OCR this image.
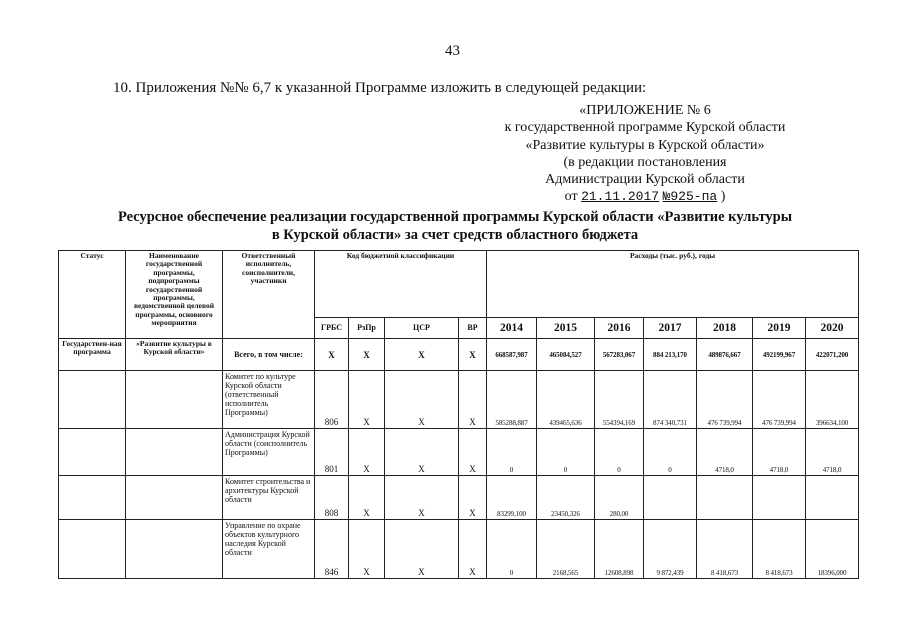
43
10. Приложения №№ 6,7 к указанной Программе изложить в следующей редакции:
«ПРИЛОЖЕНИЕ № 6
к государственной программе Курской области
«Развитие культуры в Курской области»
(в редакции постановления
Администрации Курской области
от 21.11.2017 №925-па )
Ресурсное обеспечение реализации государственной программы Курской области «Развитие культуры
в Курской области» за счет средств областного бюджета
Статус	Наименование государственной программы, подпрограммы государственной программы, ведомственной целевой программы, основного мероприятия	Ответственный исполнитель, соисполнители, участники	Код бюджетной классификации				Расходы (тыс. руб.), годы						
			ГРБС	РзПр	ЦСР	ВР	2014	2015	2016	2017	2018	2019	2020
Государствен-ная программа	«Развитие культуры в Курской области»	Всего, в том числе:	Х	Х	Х	Х	668587,987	465084,527	567283,067	884 213,170	489876,667	492199,967	422071,200
		Комитет по культуре Курской области (ответственный исполнитель Программы)	806	Х	Х	Х	585288,887	439465,636	554394,169	874 340,731	476 739,994	476 739,994	396634,100
		Администрация Курской области (соисполнитель Программы)	801	Х	Х	Х	0	0	0	0	4718,0	4718,0	4718,0
		Комитет строительства и архитектуры Курской области	808	Х	Х	Х	83299,100	23450,326	280,00				
		Управление по охране объектов культурного наследия Курской области	846	Х	Х	Х	0	2168,565	12608,898	9 872,439	8 418,673	8 418,673	18396,000
